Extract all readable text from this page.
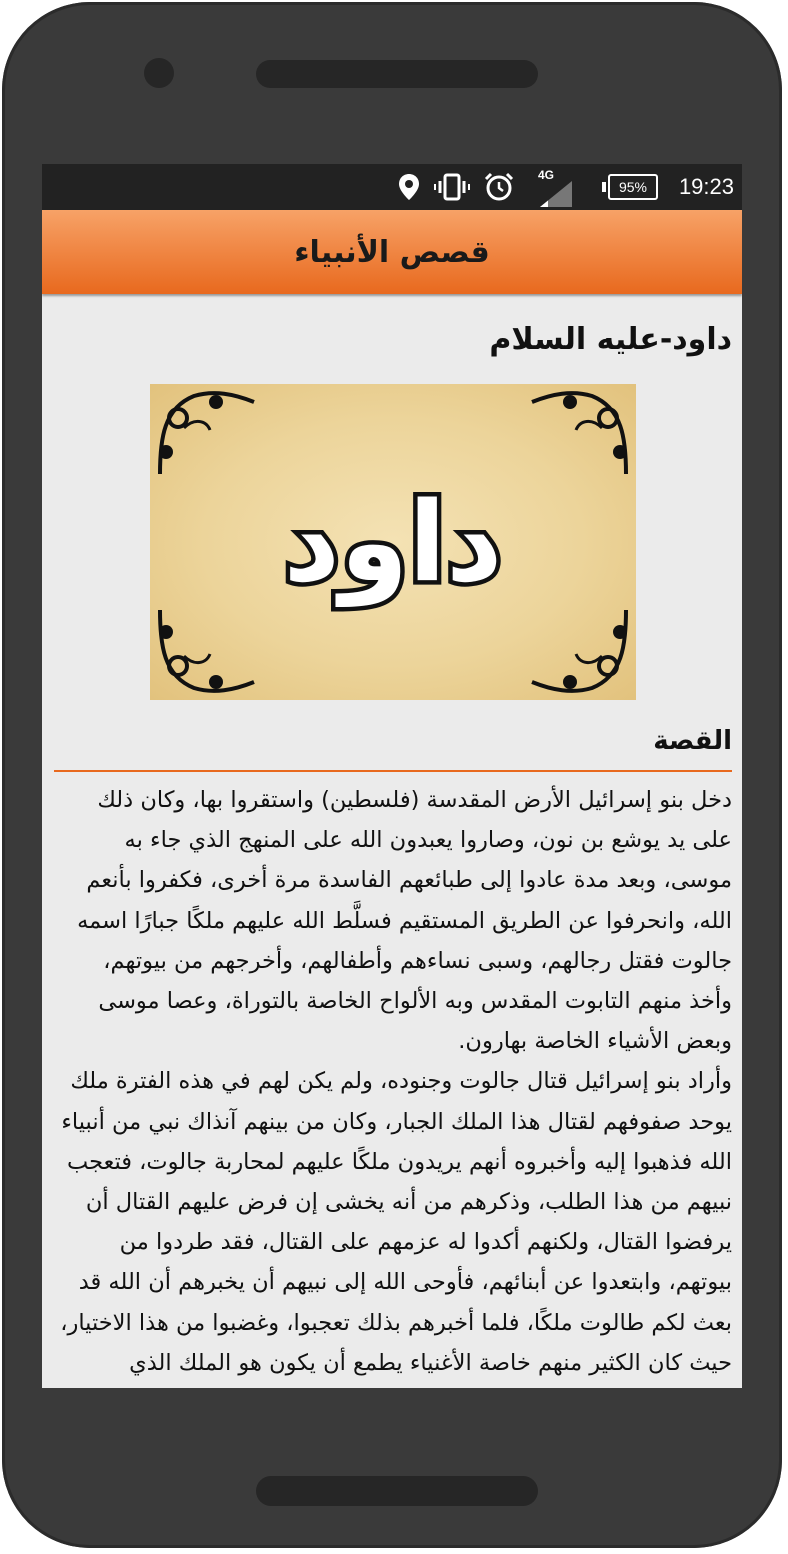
4G
95%	19:23
قصص الأنبياء
داود-عليه السلام
داود
القصة

دخل بنو إسرائيل الأرض المقدسة (فلسطين) واستقروا بها، وكان ذلك على يد يوشع بن نون، وصاروا يعبدون الله على المنهج الذي جاء به موسى، وبعد مدة عادوا إلى طبائعهم الفاسدة مرة أخرى، فكفروا بأنعم الله، وانحرفوا عن الطريق المستقيم فسلَّط الله عليهم ملكًا جبارًا اسمه جالوت فقتل رجالهم، وسبى نساءهم وأطفالهم، وأخرجهم من بيوتهم، وأخذ منهم التابوت المقدس وبه الألواح الخاصة بالتوراة، وعصا موسى وبعض الأشياء الخاصة بهارون.
وأراد بنو إسرائيل قتال جالوت وجنوده، ولم يكن لهم في هذه الفترة ملك يوحد صفوفهم لقتال هذا الملك الجبار، وكان من بينهم آنذاك نبي من أنبياء الله فذهبوا إليه وأخبروه أنهم يريدون ملكًا عليهم لمحاربة جالوت، فتعجب نبيهم من هذا الطلب، وذكرهم من أنه يخشى إن فرض عليهم القتال أن يرفضوا القتال، ولكنهم أكدوا له عزمهم على القتال، فقد طردوا من بيوتهم، وابتعدوا عن أبنائهم، فأوحى الله إلى نبيهم أن يخبرهم أن الله قد بعث لكم طالوت ملكًا، فلما أخبرهم بذلك تعجبوا، وغضبوا من هذا الاختيار، حيث كان الكثير منهم خاصة الأغنياء يطمع أن يكون هو الملك الذي
